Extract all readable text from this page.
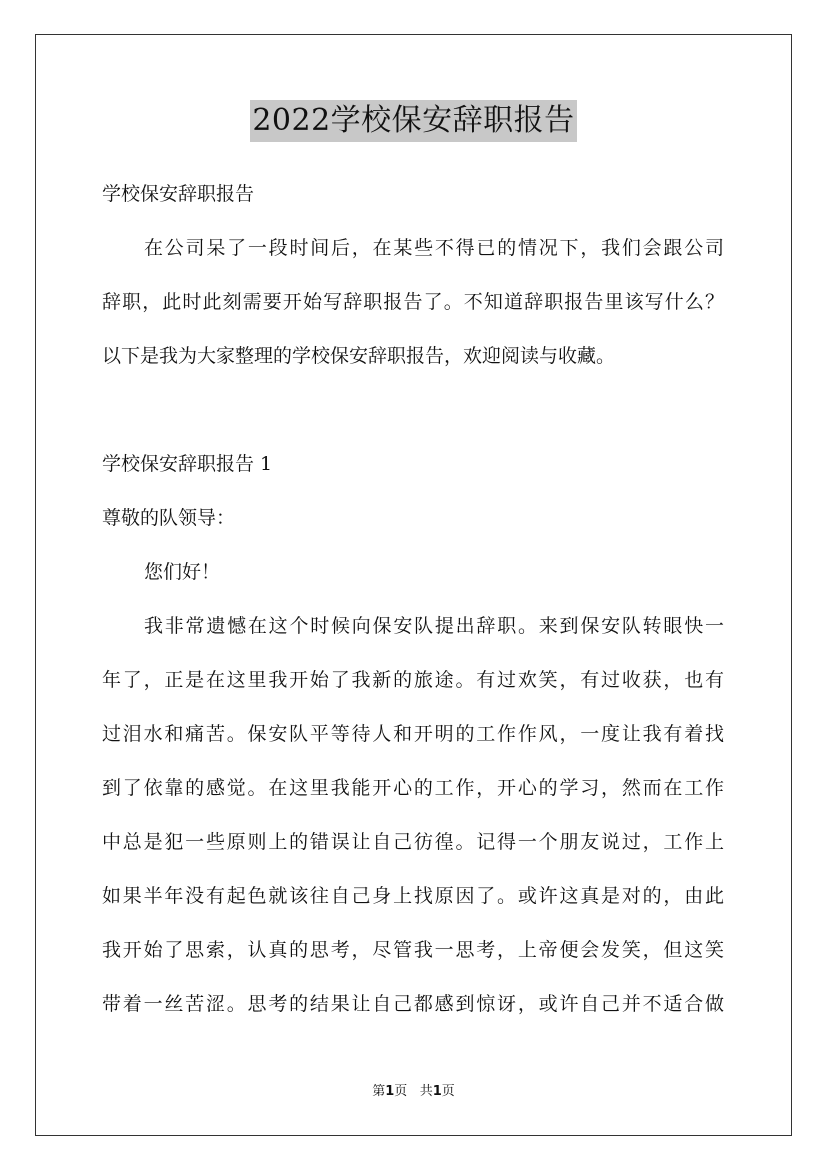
2022学校保安辞职报告

学校保安辞职报告

在公司呆了一段时间后，在某些不得已的情况下，我们会跟公司

辞职，此时此刻需要开始写辞职报告了。不知道辞职报告里该写什么？

以下是我为大家整理的学校保安辞职报告，欢迎阅读与收藏。

学校保安辞职报告 1

尊敬的队领导：

您们好！

我非常遗憾在这个时候向保安队提出辞职。来到保安队转眼快一

年了，正是在这里我开始了我新的旅途。有过欢笑，有过收获，也有

过泪水和痛苦。保安队平等待人和开明的工作作风，一度让我有着找

到了依靠的感觉。在这里我能开心的工作，开心的学习，然而在工作

中总是犯一些原则上的错误让自己彷徨。记得一个朋友说过，工作上

如果半年没有起色就该往自己身上找原因了。或许这真是对的，由此

我开始了思索，认真的思考，尽管我一思考，上帝便会发笑，但这笑

带着一丝苦涩。思考的结果让自己都感到惊讶，或许自己并不适合做

第1页 共1页
